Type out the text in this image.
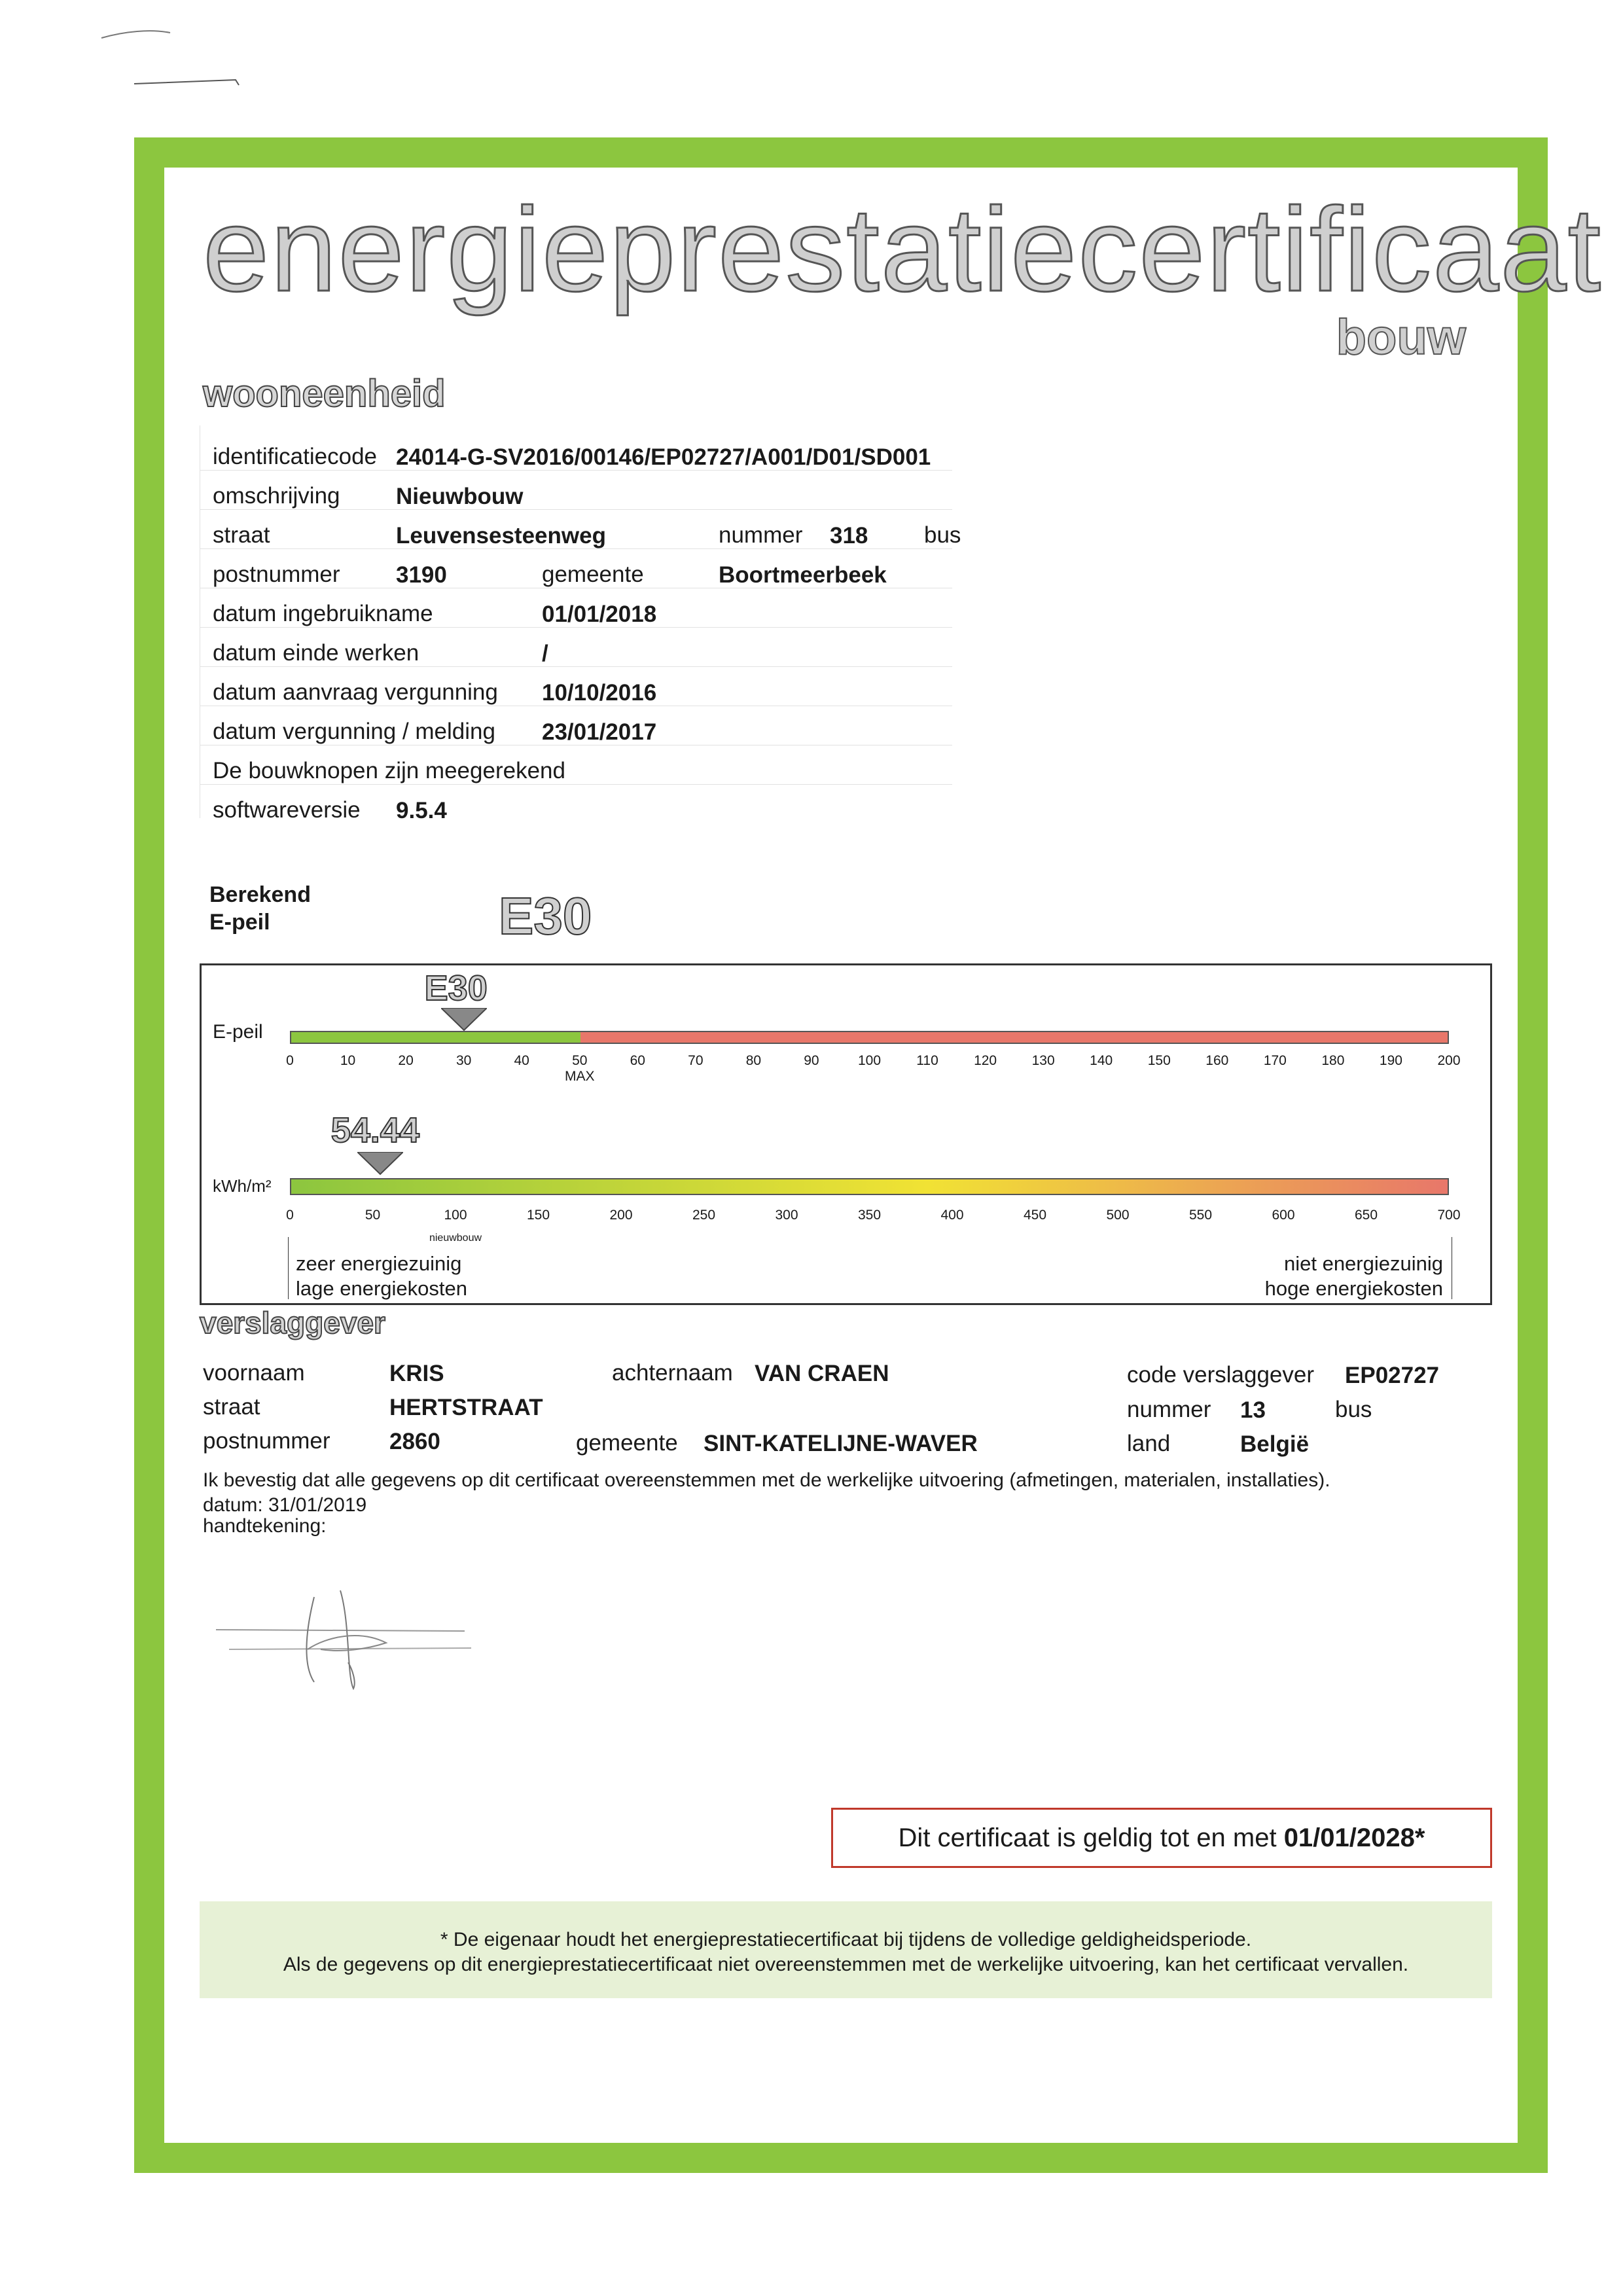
energieprestatiecertificaat
bouw
wooneenheid
identificatiecode 24014-G-SV2016/00146/EP02727/A001/D01/SD001
omschrijving Nieuwbouw
straat	Leuvensesteenweg	nummer 318 bus
postnummer 3190	gemeente	Boortmeerbeek
datum ingebruikname	01/01/2018
datum einde werken	/
datum aanvraag vergunning 10/10/2016
datum vergunning / melding 23/01/2017
De bouwknopen zijn meegerekend
softwareversie 9.5.4
Berekend
E-peil	E30
E-peil
E30
0	10	20	30	40	50	60	70	80	90	100	110	120	130	140	150	160	170	180	190	200
MAX
54.44
kWh/m²
0	50	100	150	200	250	300	350	400	450	500	550	600	650	700
nieuwbouw
zeer energiezuinig
lage energiekosten
niet energiezuinig
hoge energiekosten
verslaggever
voornaam	KRIS	achternaam VAN CRAEN	code verslaggever EP02727
straat	HERTSTRAAT	nummer 13	bus
postnummer	2860	gemeente SINT-KATELIJNE-WAVER	land	België
Ik bevestig dat alle gegevens op dit certificaat overeenstemmen met de werkelijke uitvoering (afmetingen, materialen, installaties).
datum: 31/01/2019
handtekening:
Dit certificaat is geldig tot en met 01/01/2028*
* De eigenaar houdt het energieprestatiecertificaat bij tijdens de volledige geldigheidsperiode.
Als de gegevens op dit energieprestatiecertificaat niet overeenstemmen met de werkelijke uitvoering, kan het certificaat vervallen.
